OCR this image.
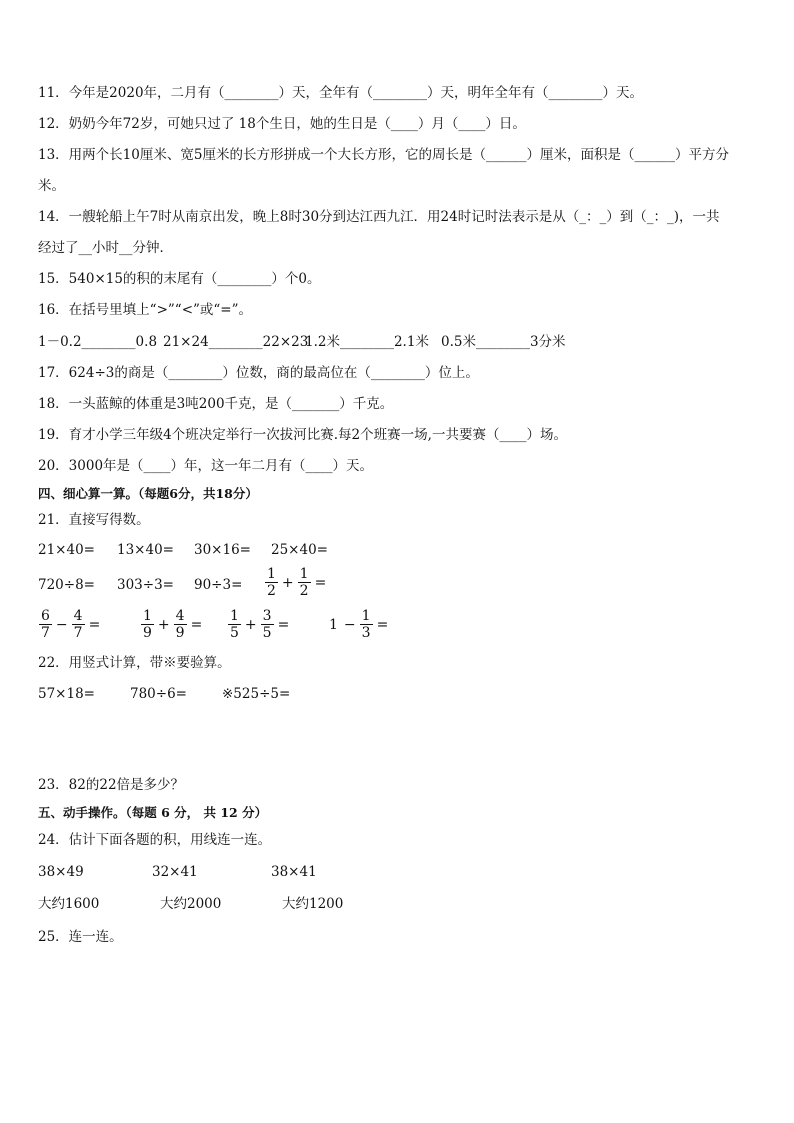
11．今年是2020年，二月有（________）天，全年有（________）天，明年全年有（________）天。
12．奶奶今年72岁，可她只过了 18个生日，她的生日是（____）月（____）日。
13．用两个长10厘米、宽5厘米的长方形拼成一个大长方形，它的周长是（______）厘米，面积是（______）平方分
米。
14．一艘轮船上午7时从南京出发，晚上8时30分到达江西九江．用24时记时法表示是从（_：_）到（_：_)，一共
经过了__小时__分钟．
15．540×15的积的末尾有（________）个0。
16．在括号里填上“>”“<”或“=”。
1－0.2________0.8 21×24________22×23
1.2米________2.1米 0.5米________3分米
17．624÷3的商是（________）位数，商的最高位在（________）位上。
18．一头蓝鲸的体重是3吨200千克，是（_______）千克。
19．育才小学三年级4个班决定举行一次拔河比赛.每2个班赛一场,一共要赛（____）场。
20．3000年是（____）年，这一年二月有（____）天。
四、细心算一算。（每题6分，共18分）
21．直接写得数。
21×40= 13×40= 30×16= 25×40=
$720\div 8= 303\div 3= 90\div 3= \frac{1}{2} + \frac{1}{2}$ =
$\frac{6}{7} - \frac{4}{7}$ =	$\frac{1}{9} + \frac{4}{9} = \frac{1}{5} + \frac{3}{5}$ =	$1 - \frac{1}{3}$ =
22．用竖式计算，带※要验算。
57×18=	780÷6=	※525÷5=
23．82的22倍是多少？
五、动手操作。（每题 6 分， 共 12 分）
24．估计下面各题的积，用线连一连。
38×49	32×41	38×41
大约1600	大约2000	大约1200
25．连一连。
